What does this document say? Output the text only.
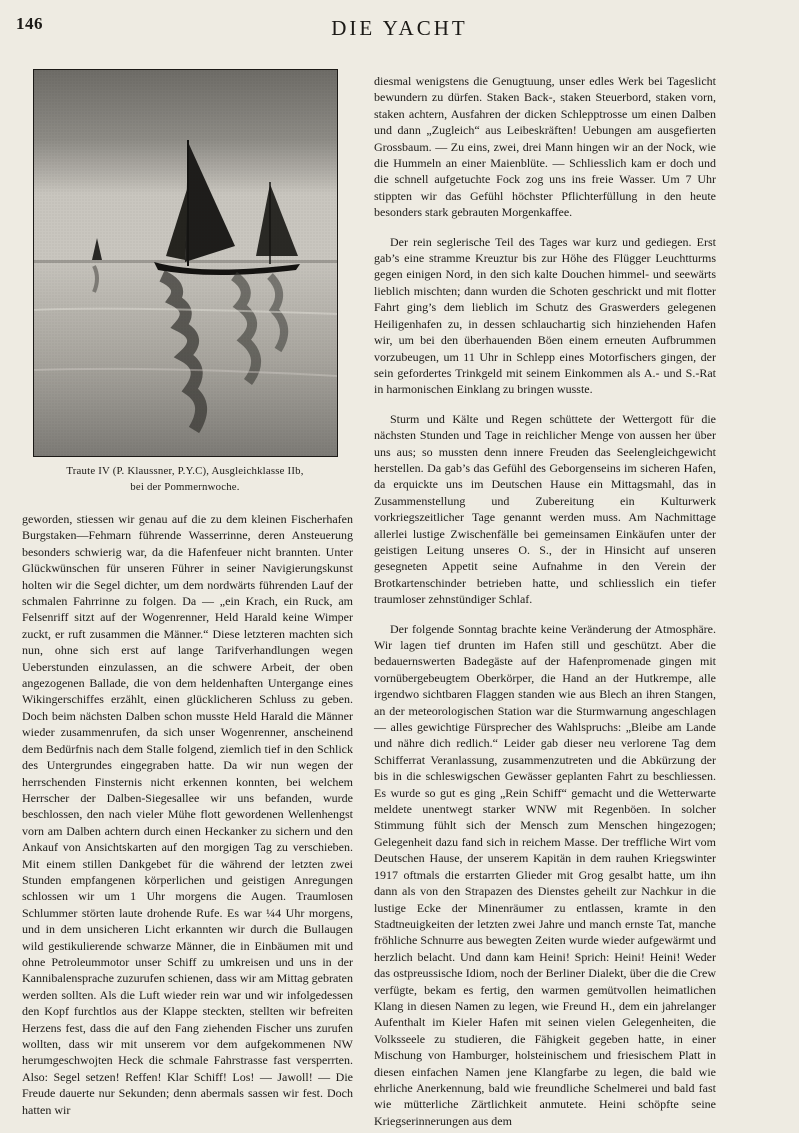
146	DIE YACHT
Traute IV (P. Klaussner, P.Y.C), Ausgleichklasse IIb,
bei der Pommernwoche.

geworden, stiessen wir genau auf die zu dem kleinen Fischerhafen Burgstaken—Fehmarn führende Wasserrinne, deren Ansteuerung besonders schwierig war, da die Hafenfeuer nicht brannten. Unter Glückwünschen für unseren Führer in seiner Navigierungskunst holten wir die Segel dichter, um dem nordwärts führenden Lauf der schmalen Fahrrinne zu folgen. Da — „ein Krach, ein Ruck, am Felsenriff sitzt auf der Wogenrenner, Held Harald keine Wimper zuckt, er ruft zusammen die Männer.“ Diese letzteren machten sich nun, ohne sich erst auf lange Tarifverhandlungen wegen Ueberstunden einzulassen, an die schwere Arbeit, der oben angezogenen Ballade, die von dem heldenhaften Untergange eines Wikingerschiffes erzählt, einen glücklicheren Schluss zu geben. Doch beim nächsten Dalben schon musste Held Harald die Männer wieder zusammenrufen, da sich unser Wogenrenner, anscheinend dem Bedürfnis nach dem Stalle folgend, ziemlich tief in den Schlick des Untergrundes eingegraben hatte. Da wir nun wegen der herrschenden Finsternis nicht erkennen konnten, bei welchem Herrscher der Dalben-Siegesallee wir uns befanden, wurde beschlossen, den nach vieler Mühe flott gewordenen Wellenhengst vorn am Dalben achtern durch einen Heckanker zu sichern und den Ankauf von Ansichtskarten auf den morgigen Tag zu verschieben. Mit einem stillen Dankgebet für die während der letzten zwei Stunden empfangenen körperlichen und geistigen Anregungen schlossen wir um 1 Uhr morgens die Augen. Traumlosen Schlummer störten laute drohende Rufe. Es war ¼4 Uhr morgens, und in dem unsicheren Licht erkannten wir durch die Bullaugen wild gestikulierende schwarze Männer, die in Einbäumen mit und ohne Petroleummotor unser Schiff zu umkreisen und uns in der Kannibalensprache zuzurufen schienen, dass wir am Mittag gebraten werden sollten. Als die Luft wieder rein war und wir infolgedessen den Kopf furchtlos aus der Klappe steckten, stellten wir befreiten Herzens fest, dass die auf den Fang ziehenden Fischer uns zurufen wollten, dass wir mit unserem vor dem aufgekommenen NW herumgeschwojten Heck die schmale Fahrstrasse fast versperrten. Also: Segel setzen! Reffen! Klar Schiff! Los! — Jawoll! — Die Freude dauerte nur Sekunden; denn abermals sassen wir fest. Doch hatten wir

diesmal wenigstens die Genugtuung, unser edles Werk bei Tageslicht bewundern zu dürfen. Staken Back-, staken Steuerbord, staken vorn, staken achtern, Ausfahren der dicken Schlepptrosse um einen Dalben und dann „Zugleich“ aus Leibeskräften! Uebungen am ausgefierten Grossbaum. — Zu eins, zwei, drei Mann hingen wir an der Nock, wie die Hummeln an einer Maienblüte. — Schliesslich kam er doch und die schnell aufgetuchte Fock zog uns ins freie Wasser. Um 7 Uhr stippten wir das Gefühl höchster Pflichterfüllung in den heute besonders stark gebrauten Morgenkaffee.

Der rein seglerische Teil des Tages war kurz und gediegen. Erst gab’s eine stramme Kreuztur bis zur Höhe des Flügger Leuchtturms gegen einigen Nord, in den sich kalte Douchen himmel- und seewärts lieblich mischten; dann wurden die Schoten geschrickt und mit flotter Fahrt ging’s dem lieblich im Schutz des Graswerders gelegenen Heiligenhafen zu, in dessen schlauchartig sich hinziehenden Hafen wir, um bei den überhauenden Böen einem erneuten Aufbrummen vorzubeugen, um 11 Uhr in Schlepp eines Motorfischers gingen, der sein gefordertes Trinkgeld mit seinem Einkommen als A.- und S.-Rat in harmonischen Einklang zu bringen wusste.

Sturm und Kälte und Regen schüttete der Wettergott für die nächsten Stunden und Tage in reichlicher Menge von aussen her über uns aus; so mussten denn innere Freuden das Seelengleichgewicht herstellen. Da gab’s das Gefühl des Geborgenseins im sicheren Hafen, da erquickte uns im Deutschen Hause ein Mittagsmahl, das in Zusammenstellung und Zubereitung ein Kulturwerk vorkriegszeitlicher Tage genannt werden muss. Am Nachmittage allerlei lustige Zwischenfälle bei gemeinsamen Einkäufen unter der geistigen Leitung unseres O. S., der in Hinsicht auf unseren gesegneten Appetit seine Aufnahme in den Verein der Brotkartenschinder betrieben hatte, und schliesslich ein tiefer traumloser zehnstündiger Schlaf.

Der folgende Sonntag brachte keine Veränderung der Atmosphäre. Wir lagen tief drunten im Hafen still und geschützt. Aber die bedauernswerten Badegäste auf der Hafenpromenade gingen mit vornübergebeugtem Oberkörper, die Hand an der Hutkrempe, alle irgendwo sichtbaren Flaggen standen wie aus Blech an ihren Stangen, an der meteorologischen Station war die Sturmwarnung angeschlagen — alles gewichtige Fürsprecher des Wahlspruchs: „Bleibe am Lande und nähre dich redlich.“ Leider gab dieser neu verlorene Tag dem Schifferrat Veranlassung, zusammenzutreten und die Abkürzung der bis in die schleswigschen Gewässer geplanten Fahrt zu beschliessen. Es wurde so gut es ging „Rein Schiff“ gemacht und die Wetterwarte meldete unentwegt starker WNW mit Regenböen. In solcher Stimmung fühlt sich der Mensch zum Menschen hingezogen; Gelegenheit dazu fand sich in reichem Masse. Der treffliche Wirt vom Deutschen Hause, der unserem Kapitän in dem rauhen Kriegswinter 1917 oftmals die erstarrten Glieder mit Grog gesalbt hatte, um ihn dann als von den Strapazen des Dienstes geheilt zur Nachkur in die lustige Ecke der Minenräumer zu entlassen, kramte in den Stadtneuigkeiten der letzten zwei Jahre und manch ernste Tat, manche fröhliche Schnurre aus bewegten Zeiten wurde wieder aufgewärmt und herzlich belacht. Und dann kam Heini! Sprich: Heini! Heini! Weder das ostpreussische Idiom, noch der Berliner Dialekt, über die die Crew verfügte, bekam es fertig, den warmen gemütvollen heimatlichen Klang in diesen Namen zu legen, wie Freund H., dem ein jahrelanger Aufenthalt im Kieler Hafen mit seinen vielen Gelegenheiten, die Volksseele zu studieren, die Fähigkeit gegeben hatte, in einer Mischung von Hamburger, holsteinischem und friesischem Platt in diesen einfachen Namen jene Klangfarbe zu legen, die bald wie ehrliche Anerkennung, bald wie freundliche Schelmerei und bald fast wie mütterliche Zärtlichkeit anmutete. Heini schöpfte seine Kriegserinnerungen aus dem
